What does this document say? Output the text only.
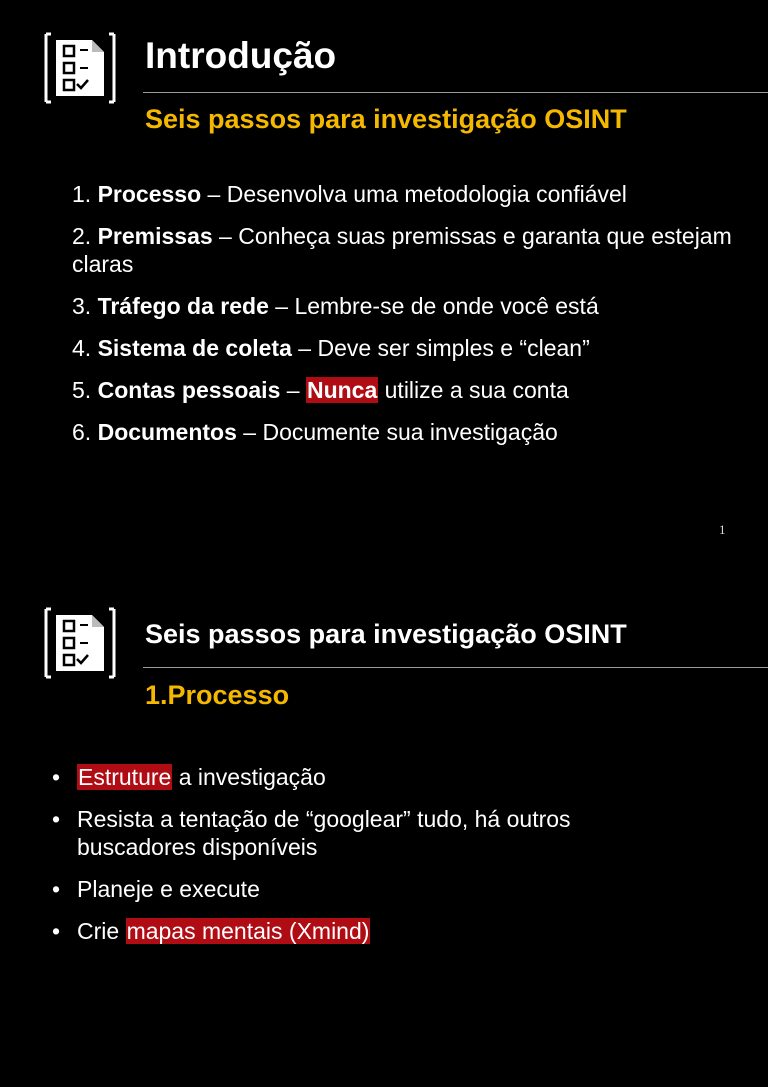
Introdução
Seis passos para investigação OSINT
1. Processo – Desenvolva uma metodologia confiável
2. Premissas – Conheça suas premissas e garanta que estejam claras
3. Tráfego da rede – Lembre-se de onde você está
4. Sistema de coleta – Deve ser simples e “clean”
5. Contas pessoais – Nunca utilize a sua conta
6. Documentos – Documente sua investigação
1
Seis passos para investigação OSINT
1.Processo
• Estruture a investigação
• Resista a tentação de “googlear” tudo, há outros buscadores disponíveis
• Planeje e execute
• Crie mapas mentais (Xmind)
